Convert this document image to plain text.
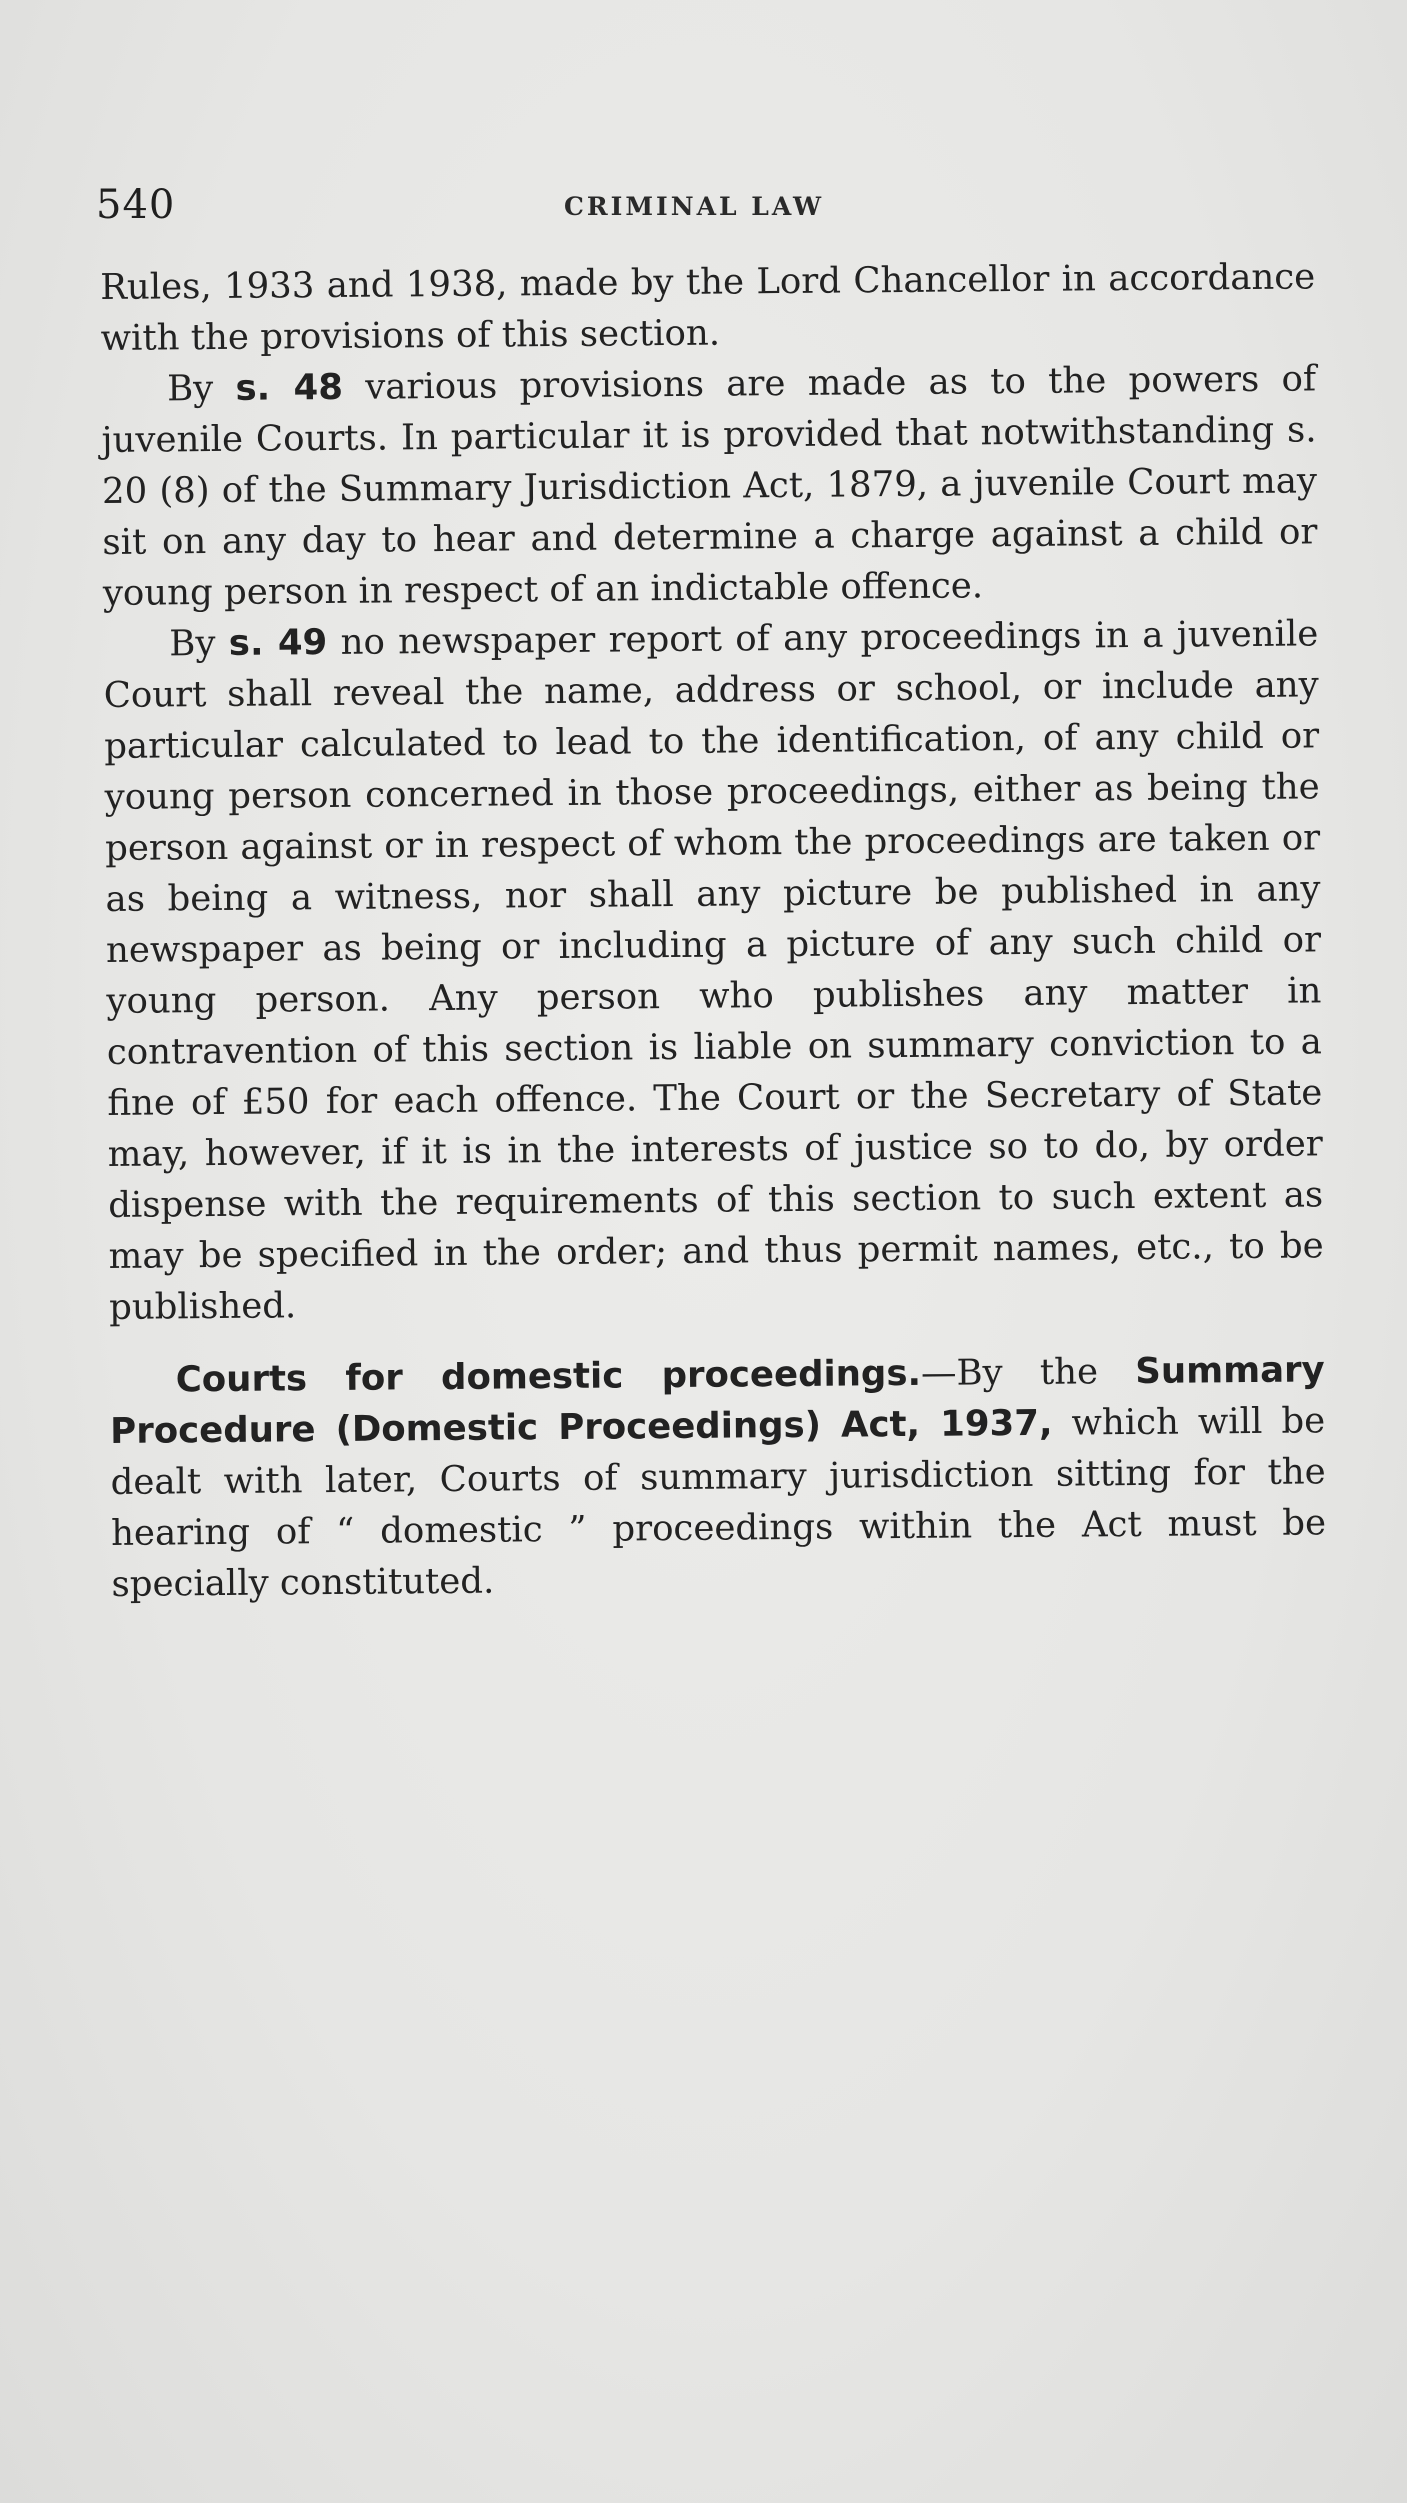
540	CRIMINAL LAW

Rules, 1933 and 1938, made by the Lord Chancellor in accordance with the provisions of this section.

By s. 48 various provisions are made as to the powers of juvenile Courts. In particular it is provided that notwithstanding s. 20 (8) of the Summary Jurisdiction Act, 1879, a juvenile Court may sit on any day to hear and determine a charge against a child or young person in respect of an indictable offence.

By s. 49 no newspaper report of any proceedings in a juvenile Court shall reveal the name, address or school, or include any particular calculated to lead to the identification, of any child or young person concerned in those proceedings, either as being the person against or in respect of whom the proceedings are taken or as being a witness, nor shall any picture be published in any newspaper as being or including a picture of any such child or young person. Any person who publishes any matter in contravention of this section is liable on summary conviction to a fine of £50 for each offence. The Court or the Secretary of State may, however, if it is in the interests of justice so to do, by order dispense with the requirements of this section to such extent as may be specified in the order; and thus permit names, etc., to be published.

Courts for domestic proceedings.—By the Summary Procedure (Domestic Proceedings) Act, 1937, which will be dealt with later, Courts of summary jurisdiction sitting for the hearing of “ domestic ” proceedings within the Act must be specially constituted.
